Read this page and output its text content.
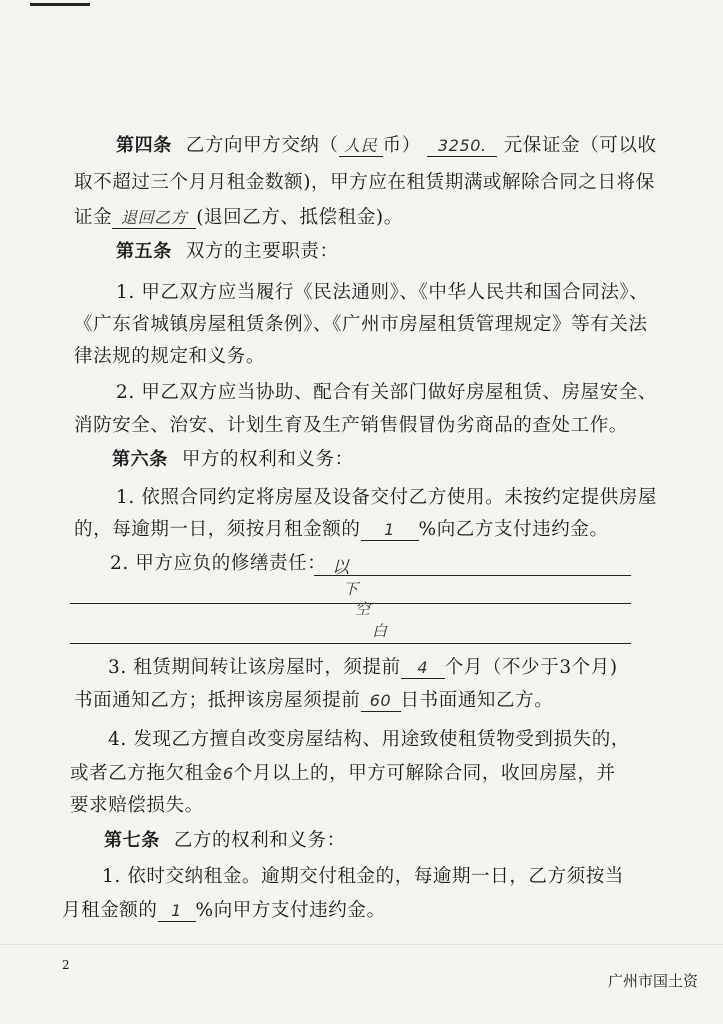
第四条 乙方向甲方交纳（ 人民 币） 3250. 元保证金（可以收
取不超过三个月月租金数额)，甲方应在租赁期满或解除合同之日将保
证金 退回乙方 (退回乙方、抵偿租金)。
第五条 双方的主要职责：
1. 甲乙双方应当履行《民法通则》、《中华人民共和国合同法》、
《广东省城镇房屋租赁条例》、《广州市房屋租赁管理规定》等有关法
律法规的规定和义务。
2. 甲乙双方应当协助、配合有关部门做好房屋租赁、房屋安全、
消防安全、治安、计划生育及生产销售假冒伪劣商品的查处工作。
第六条 甲方的权利和义务：
1. 依照合同约定将房屋及设备交付乙方使用。未按约定提供房屋
的，每逾期一日，须按月租金额的 1 %向乙方支付违约金。
2. 甲方应负的修缮责任： 以
下
空
白
3. 租赁期间转让该房屋时，须提前 4 个月（不少于3个月)
书面通知乙方；抵押该房屋须提前 60 日书面通知乙方。
4. 发现乙方擅自改变房屋结构、用途致使租赁物受到损失的，
或者乙方拖欠租金6个月以上的，甲方可解除合同，收回房屋，并
要求赔偿损失。
第七条 乙方的权利和义务：
1. 依时交纳租金。逾期交付租金的，每逾期一日，乙方须按当
月租金额的 1 %向甲方支付违约金。
2
广州市国土资
